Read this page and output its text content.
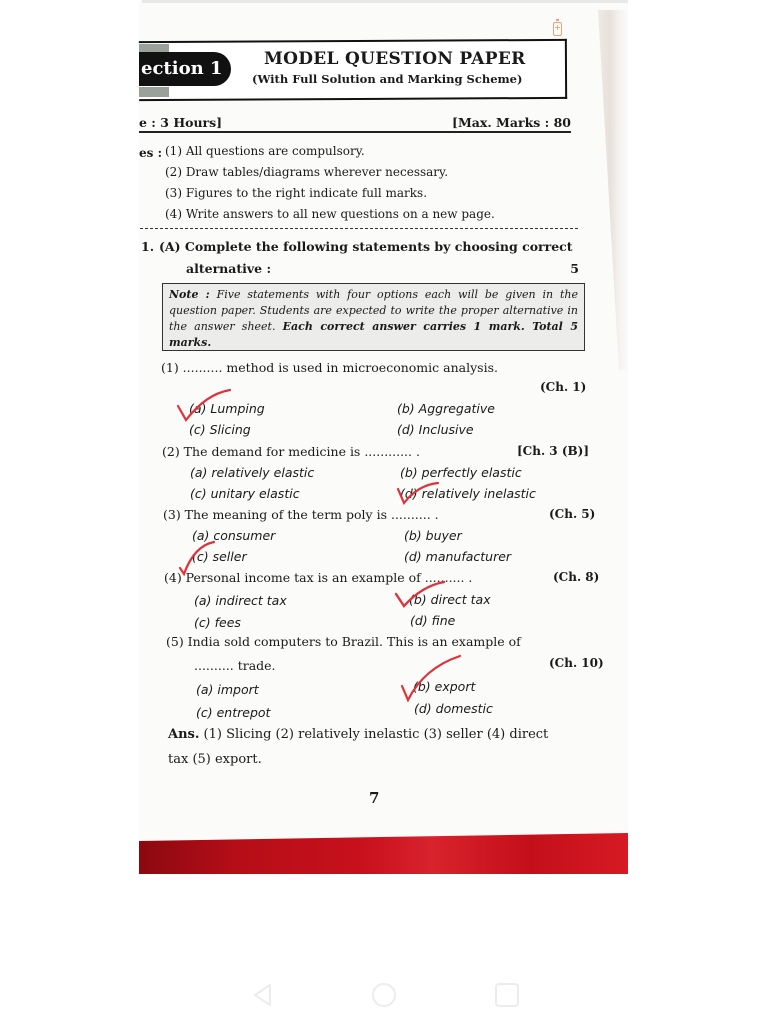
+
ection 1	MODEL QUESTION PAPER
(With Full Solution and Marking Scheme)
e : 3 Hours]	[Max. Marks : 80
es : (1) All questions are compulsory.
(2) Draw tables/diagrams wherever necessary.
(3) Figures to the right indicate full marks.
(4) Write answers to all new questions on a new page.
1. (A) Complete the following statements by choosing correct
alternative :	5
Note : Five statements with four options each will be given in the question paper. Students are expected to write the proper alternative in the answer sheet. Each correct answer carries 1 mark. Total 5 marks.
(1) .......... method is used in microeconomic analysis.
(Ch. 1)
(a) Lumping	(b) Aggregative
(c) Slicing	(d) Inclusive
(2) The demand for medicine is ............ .	[Ch. 3 (B)]
(a) relatively elastic	(b) perfectly elastic
(c) unitary elastic	(d) relatively inelastic
(3) The meaning of the term poly is .......... .	(Ch. 5)
(a) consumer	(b) buyer
(c) seller	(d) manufacturer
(4) Personal income tax is an example of .......... .	(Ch. 8)
(a) indirect tax	(b) direct tax
(c) fees	(d) fine
(5) India sold computers to Brazil. This is an example of
.......... trade.	(Ch. 10)
(a) import	(b) export
(c) entrepot	(d) domestic
Ans. (1) Slicing (2) relatively inelastic (3) seller (4) direct
tax (5) export.
7
